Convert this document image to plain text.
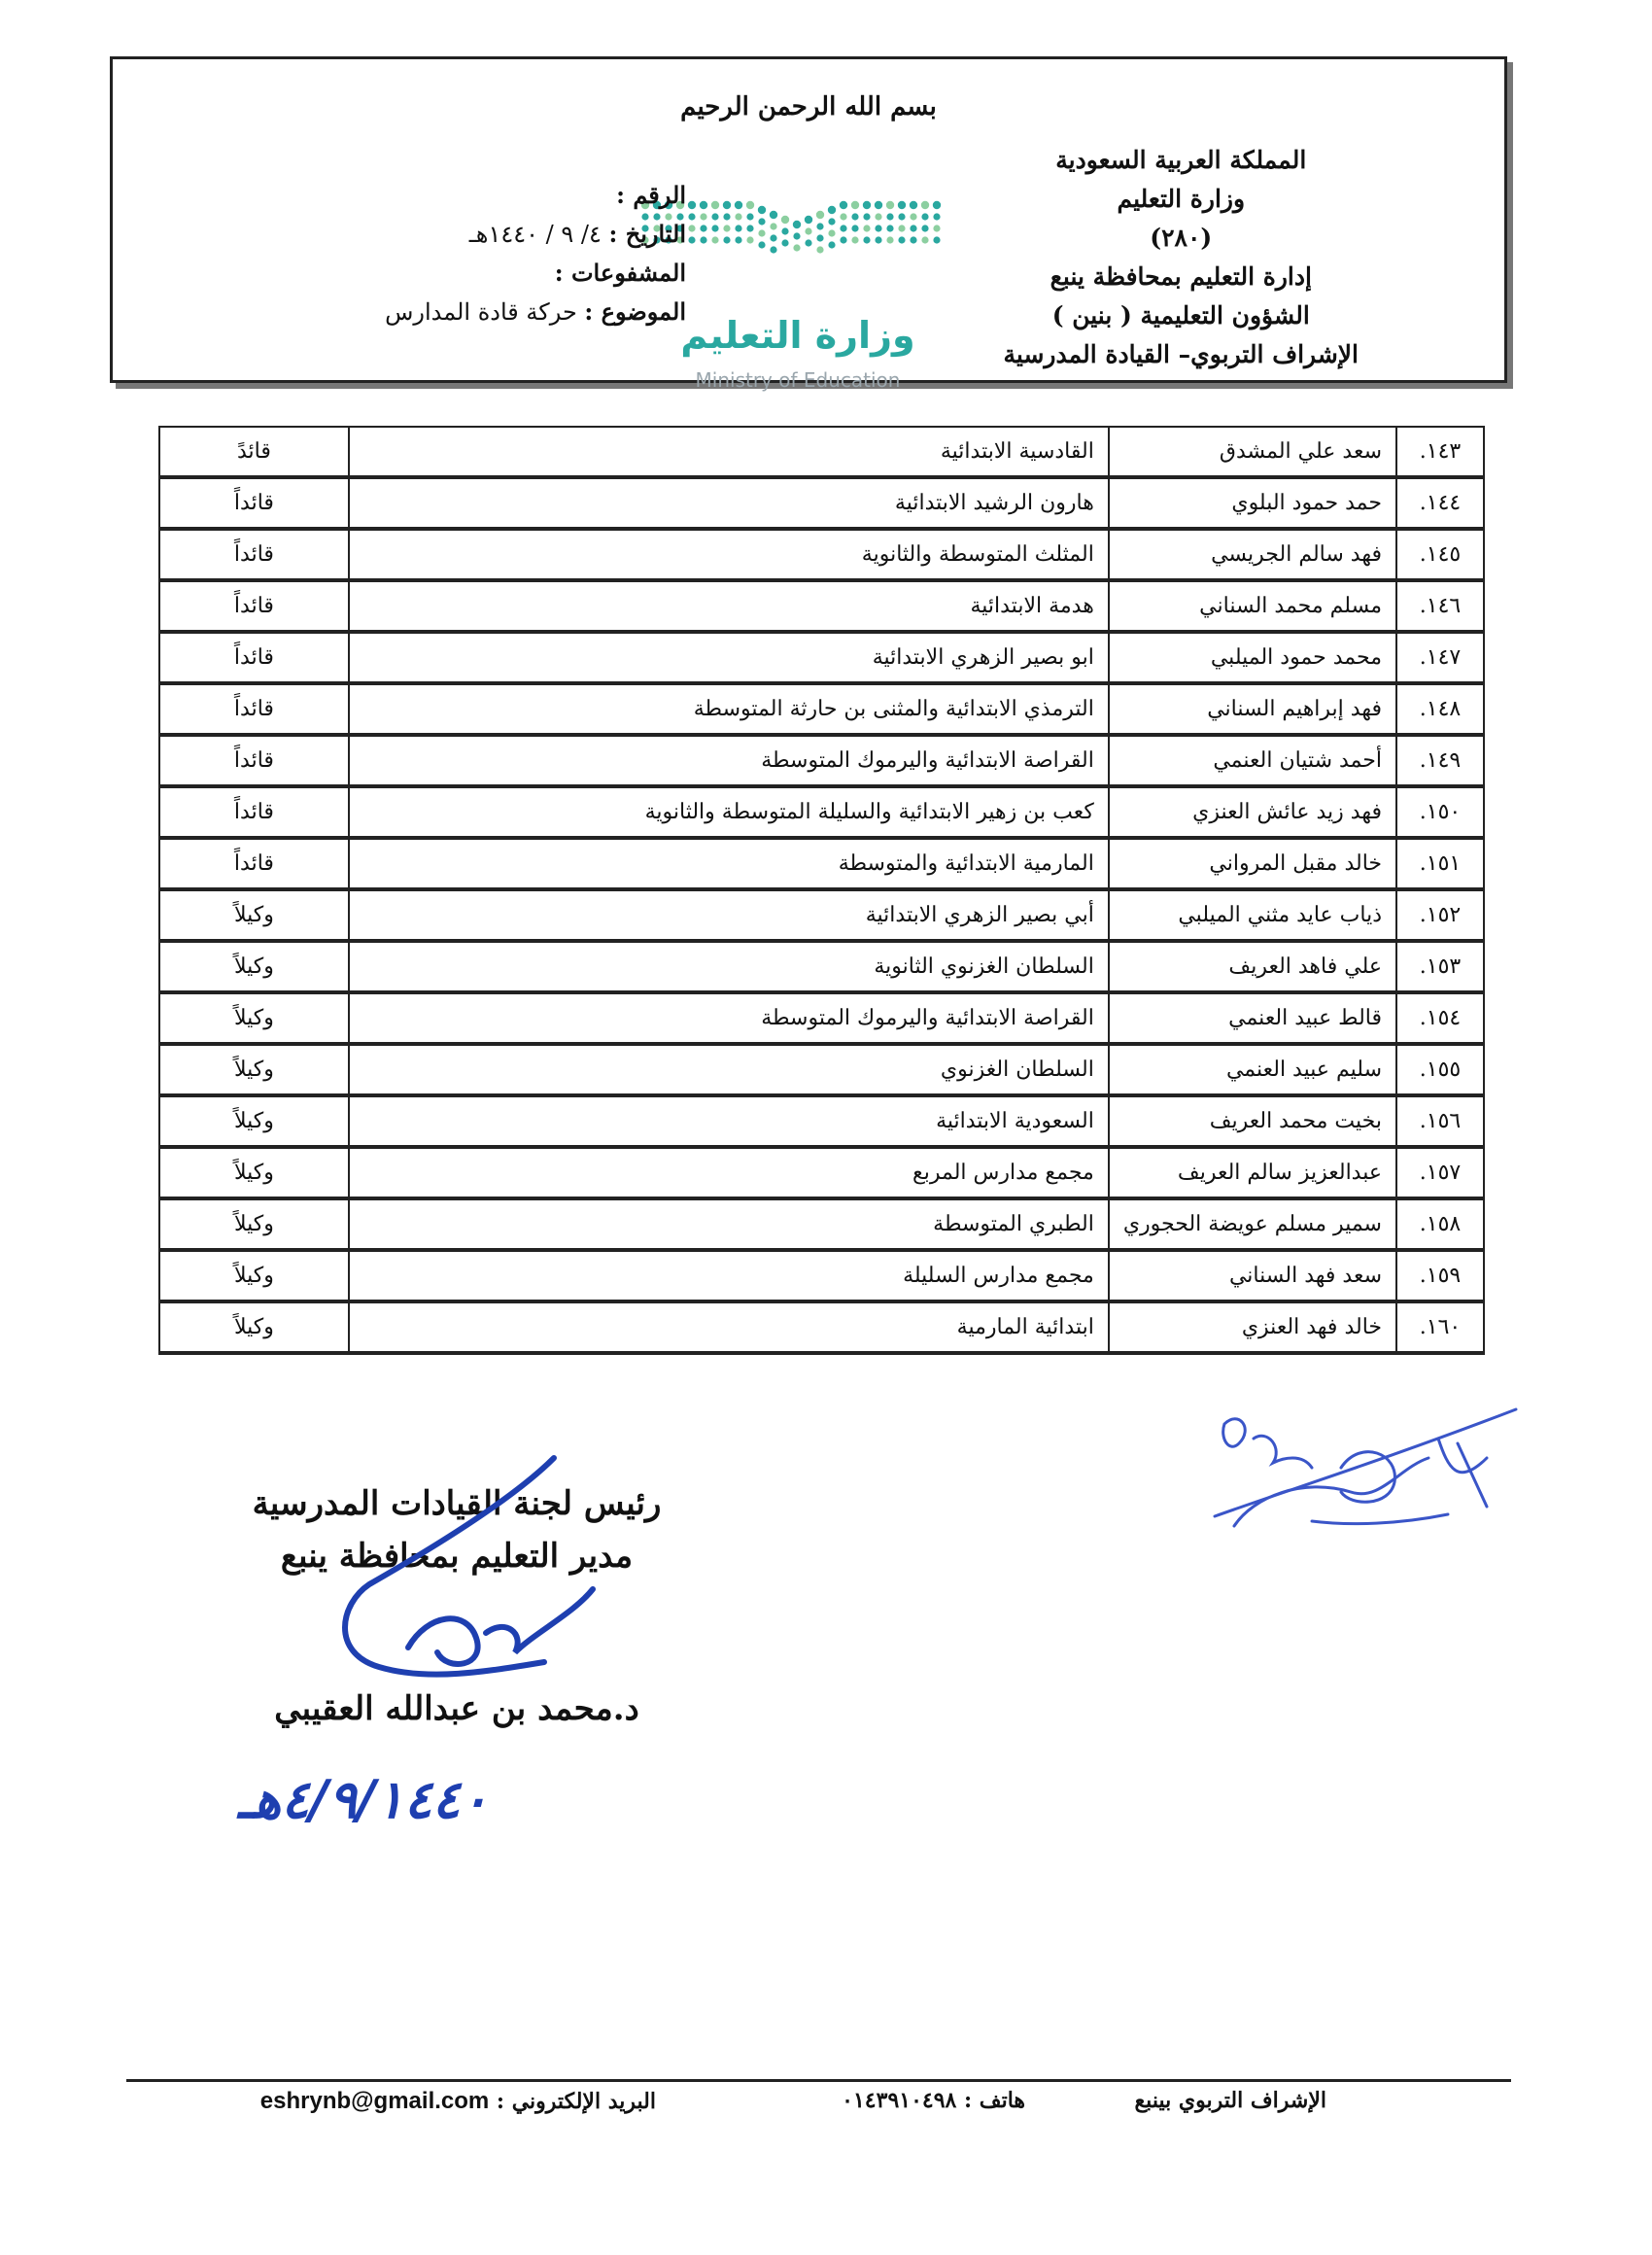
بسم الله الرحمن الرحيم
المملكة العربية السعودية
وزارة التعليم
(٢٨٠)
إدارة التعليم بمحافظة ينبع
الشؤون التعليمية ( بنين )
الإشراف التربوي– القيادة المدرسية
وزارة التعليم
Ministry of Education
الرقم :
التاريخ : ٤/ ٩ / ١٤٤٠هـ
المشفوعات :
الموضوع : حركة قادة المدارس
١٤٣.	سعد علي المشدق	القادسية الابتدائية	قائدً
١٤٤.	حمد حمود البلوي	هارون الرشيد الابتدائية	قائداً
١٤٥.	فهد سالم الجريسي	المثلث المتوسطة والثانوية	قائداً
١٤٦.	مسلم محمد السناني	هدمة الابتدائية	قائداً
١٤٧.	محمد حمود الميلبي	ابو بصير الزهري الابتدائية	قائداً
١٤٨.	فهد إبراهيم السناني	الترمذي الابتدائية والمثنى بن حارثة المتوسطة	قائداً
١٤٩.	أحمد شتيان العنمي	القراصة الابتدائية واليرموك المتوسطة	قائداً
١٥٠.	فهد زيد عائش العنزي	كعب بن زهير الابتدائية والسليلة المتوسطة والثانوية	قائداً
١٥١.	خالد مقبل المرواني	المارمية الابتدائية والمتوسطة	قائداً
١٥٢.	ذياب عايد مثني الميلبي	أبي بصير الزهري الابتدائية	وكيلاً
١٥٣.	علي فاهد العريف	السلطان الغزنوي الثانوية	وكيلاً
١٥٤.	قالط عبيد العنمي	القراصة الابتدائية واليرموك المتوسطة	وكيلاً
١٥٥.	سليم عبيد العنمي	السلطان الغزنوي	وكيلاً
١٥٦.	بخيت محمد العريف	السعودية الابتدائية	وكيلاً
١٥٧.	عبدالعزيز سالم العريف	مجمع مدارس المربع	وكيلاً
١٥٨.	سمير مسلم عويضة الحجوري	الطبري المتوسطة	وكيلاً
١٥٩.	سعد فهد السناني	مجمع مدارس السليلة	وكيلاً
١٦٠.	خالد فهد العنزي	ابتدائية المارمية	وكيلاً
رئيس لجنة القيادات المدرسية
مدير التعليم بمحافظة ينبع
د.محمد بن عبدالله العقيبي
٤/٩/١٤٤٠هـ
الإشراف التربوي بينبع
هاتف : ٠١٤٣٩١٠٤٩٨
البريد الإلكتروني : eshrynb@gmail.com
